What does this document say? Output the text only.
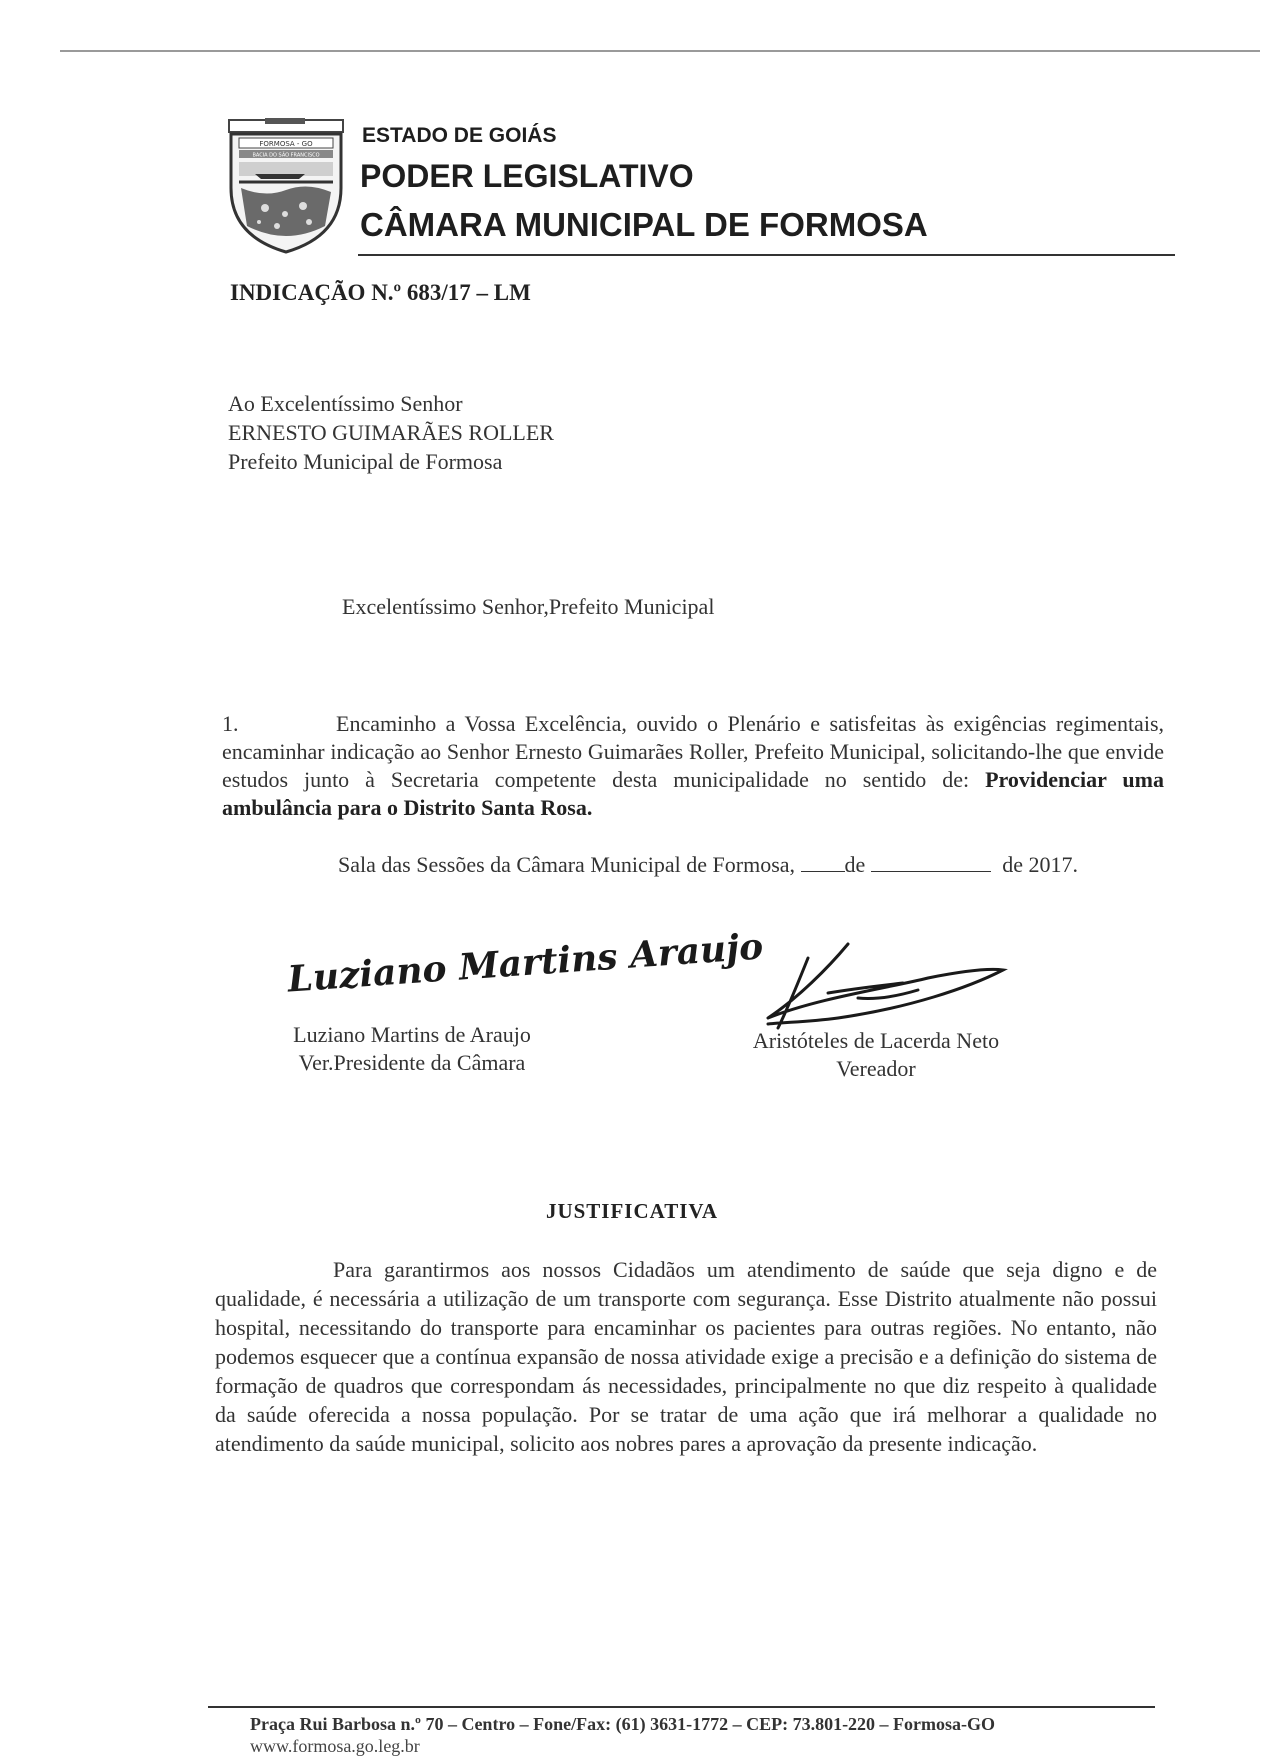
FORMOSA - GO
BACIA DO SÃO FRANCISCO
ESTADO DE GOIÁS
PODER LEGISLATIVO
CÂMARA MUNICIPAL DE FORMOSA
INDICAÇÃO N.º 683/17 – LM
Ao Excelentíssimo Senhor
ERNESTO GUIMARÃES ROLLER
Prefeito Municipal de Formosa
Excelentíssimo Senhor,Prefeito Municipal
1.	Encaminho a Vossa Excelência, ouvido o Plenário e satisfeitas às exigências regimentais, encaminhar indicação ao Senhor Ernesto Guimarães Roller, Prefeito Municipal, solicitando-lhe que envide estudos junto à Secretaria competente desta municipalidade no sentido de: Providenciar uma ambulância para o Distrito Santa Rosa.
Sala das Sessões da Câmara Municipal de Formosa, de	de 2017.
Luziano Martins Araujo
Luziano Martins de Araujo
Ver.Presidente da Câmara
Aristóteles de Lacerda Neto
Vereador
JUSTIFICATIVA
Para garantirmos aos nossos Cidadãos um atendimento de saúde que seja digno e de qualidade, é necessária a utilização de um transporte com segurança. Esse Distrito atualmente não possui hospital, necessitando do transporte para encaminhar os pacientes para outras regiões. No entanto, não podemos esquecer que a contínua expansão de nossa atividade exige a precisão e a definição do sistema de formação de quadros que correspondam ás necessidades, principalmente no que diz respeito à qualidade da saúde oferecida a nossa população. Por se tratar de uma ação que irá melhorar a qualidade no atendimento da saúde municipal, solicito aos nobres pares a aprovação da presente indicação.
Praça Rui Barbosa n.º 70 – Centro – Fone/Fax: (61) 3631-1772 – CEP: 73.801-220 – Formosa-GO
www.formosa.go.leg.br
